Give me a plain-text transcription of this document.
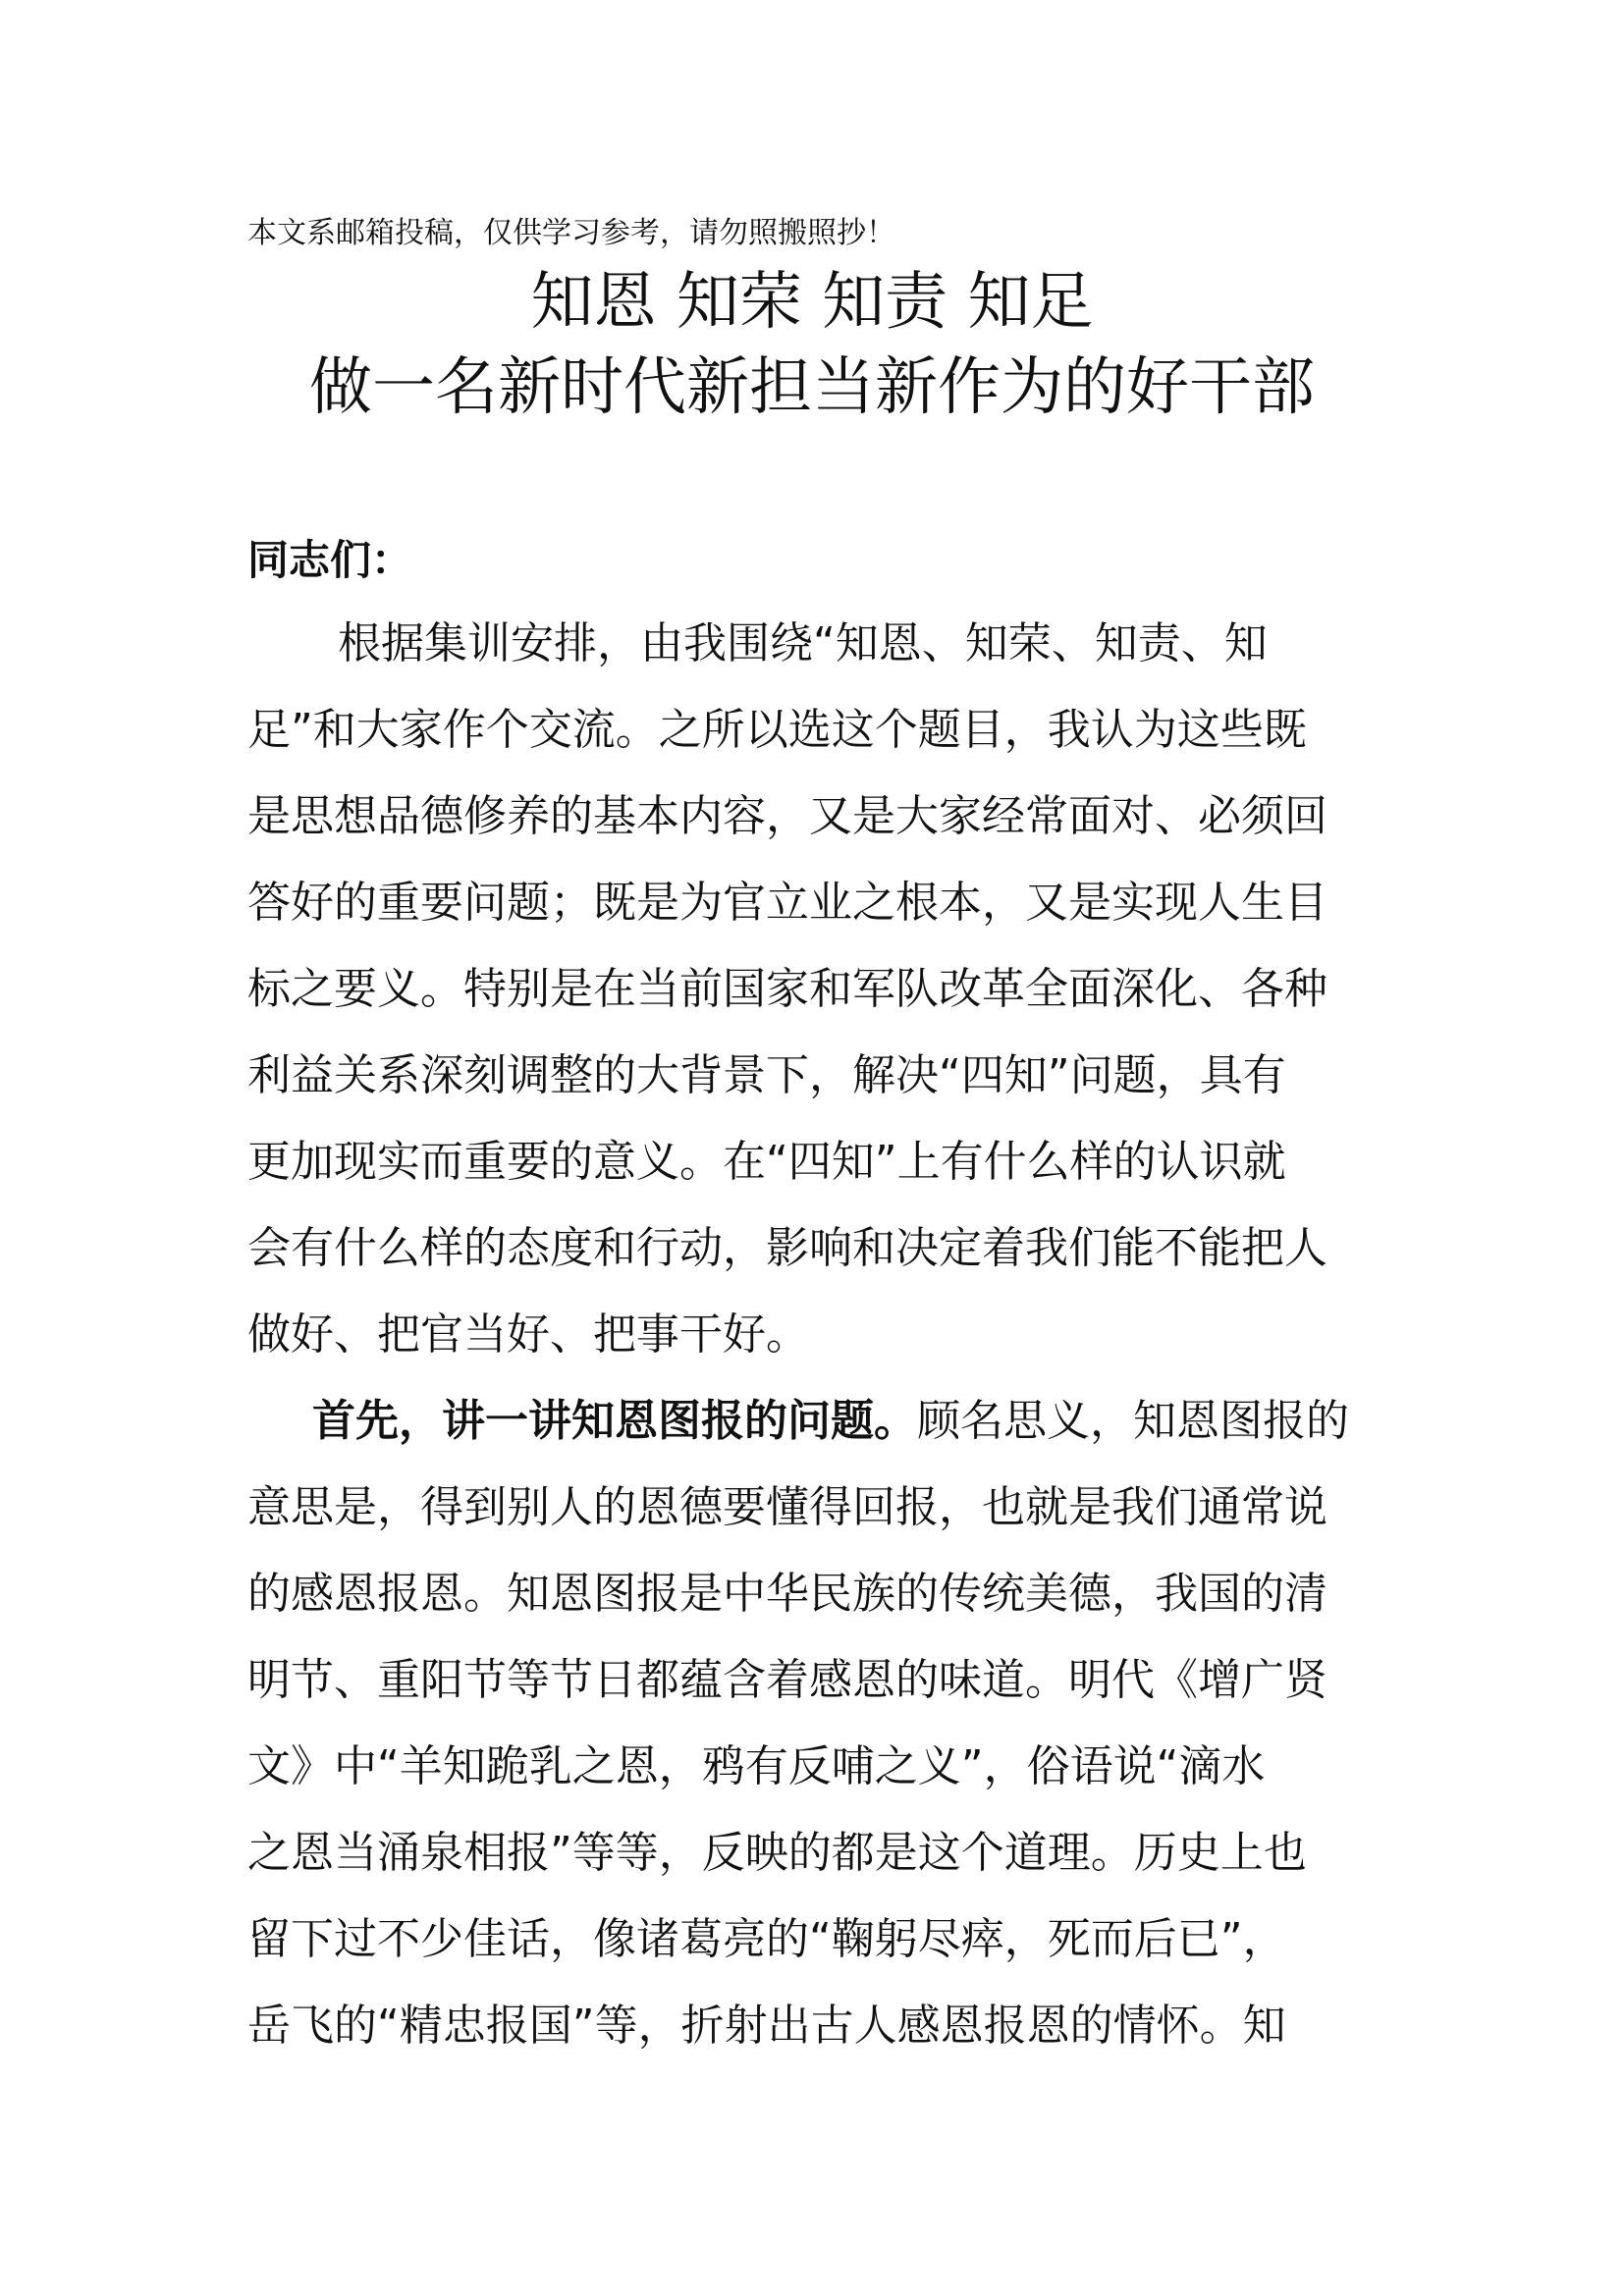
本文系邮箱投稿，仅供学习参考，请勿照搬照抄！
知恩 知荣 知责 知足
做一名新时代新担当新作为的好干部
同志们：
根据集训安排，由我围绕“知恩、知荣、知责、知
足”和大家作个交流。之所以选这个题目，我认为这些既
是思想品德修养的基本内容，又是大家经常面对、必须回
答好的重要问题；既是为官立业之根本，又是实现人生目
标之要义。特别是在当前国家和军队改革全面深化、各种
利益关系深刻调整的大背景下，解决“四知”问题，具有
更加现实而重要的意义。在“四知”上有什么样的认识就
会有什么样的态度和行动，影响和决定着我们能不能把人
做好、把官当好、把事干好。
首先，讲一讲知恩图报的问题。顾名思义，知恩图报的
意思是，得到别人的恩德要懂得回报，也就是我们通常说
的感恩报恩。知恩图报是中华民族的传统美德，我国的清
明节、重阳节等节日都蕴含着感恩的味道。明代《增广贤
文》中“羊知跪乳之恩，鸦有反哺之义”，俗语说“滴水
之恩当涌泉相报”等等，反映的都是这个道理。历史上也
留下过不少佳话，像诸葛亮的“鞠躬尽瘁，死而后已”，
岳飞的“精忠报国”等，折射出古人感恩报恩的情怀。知
